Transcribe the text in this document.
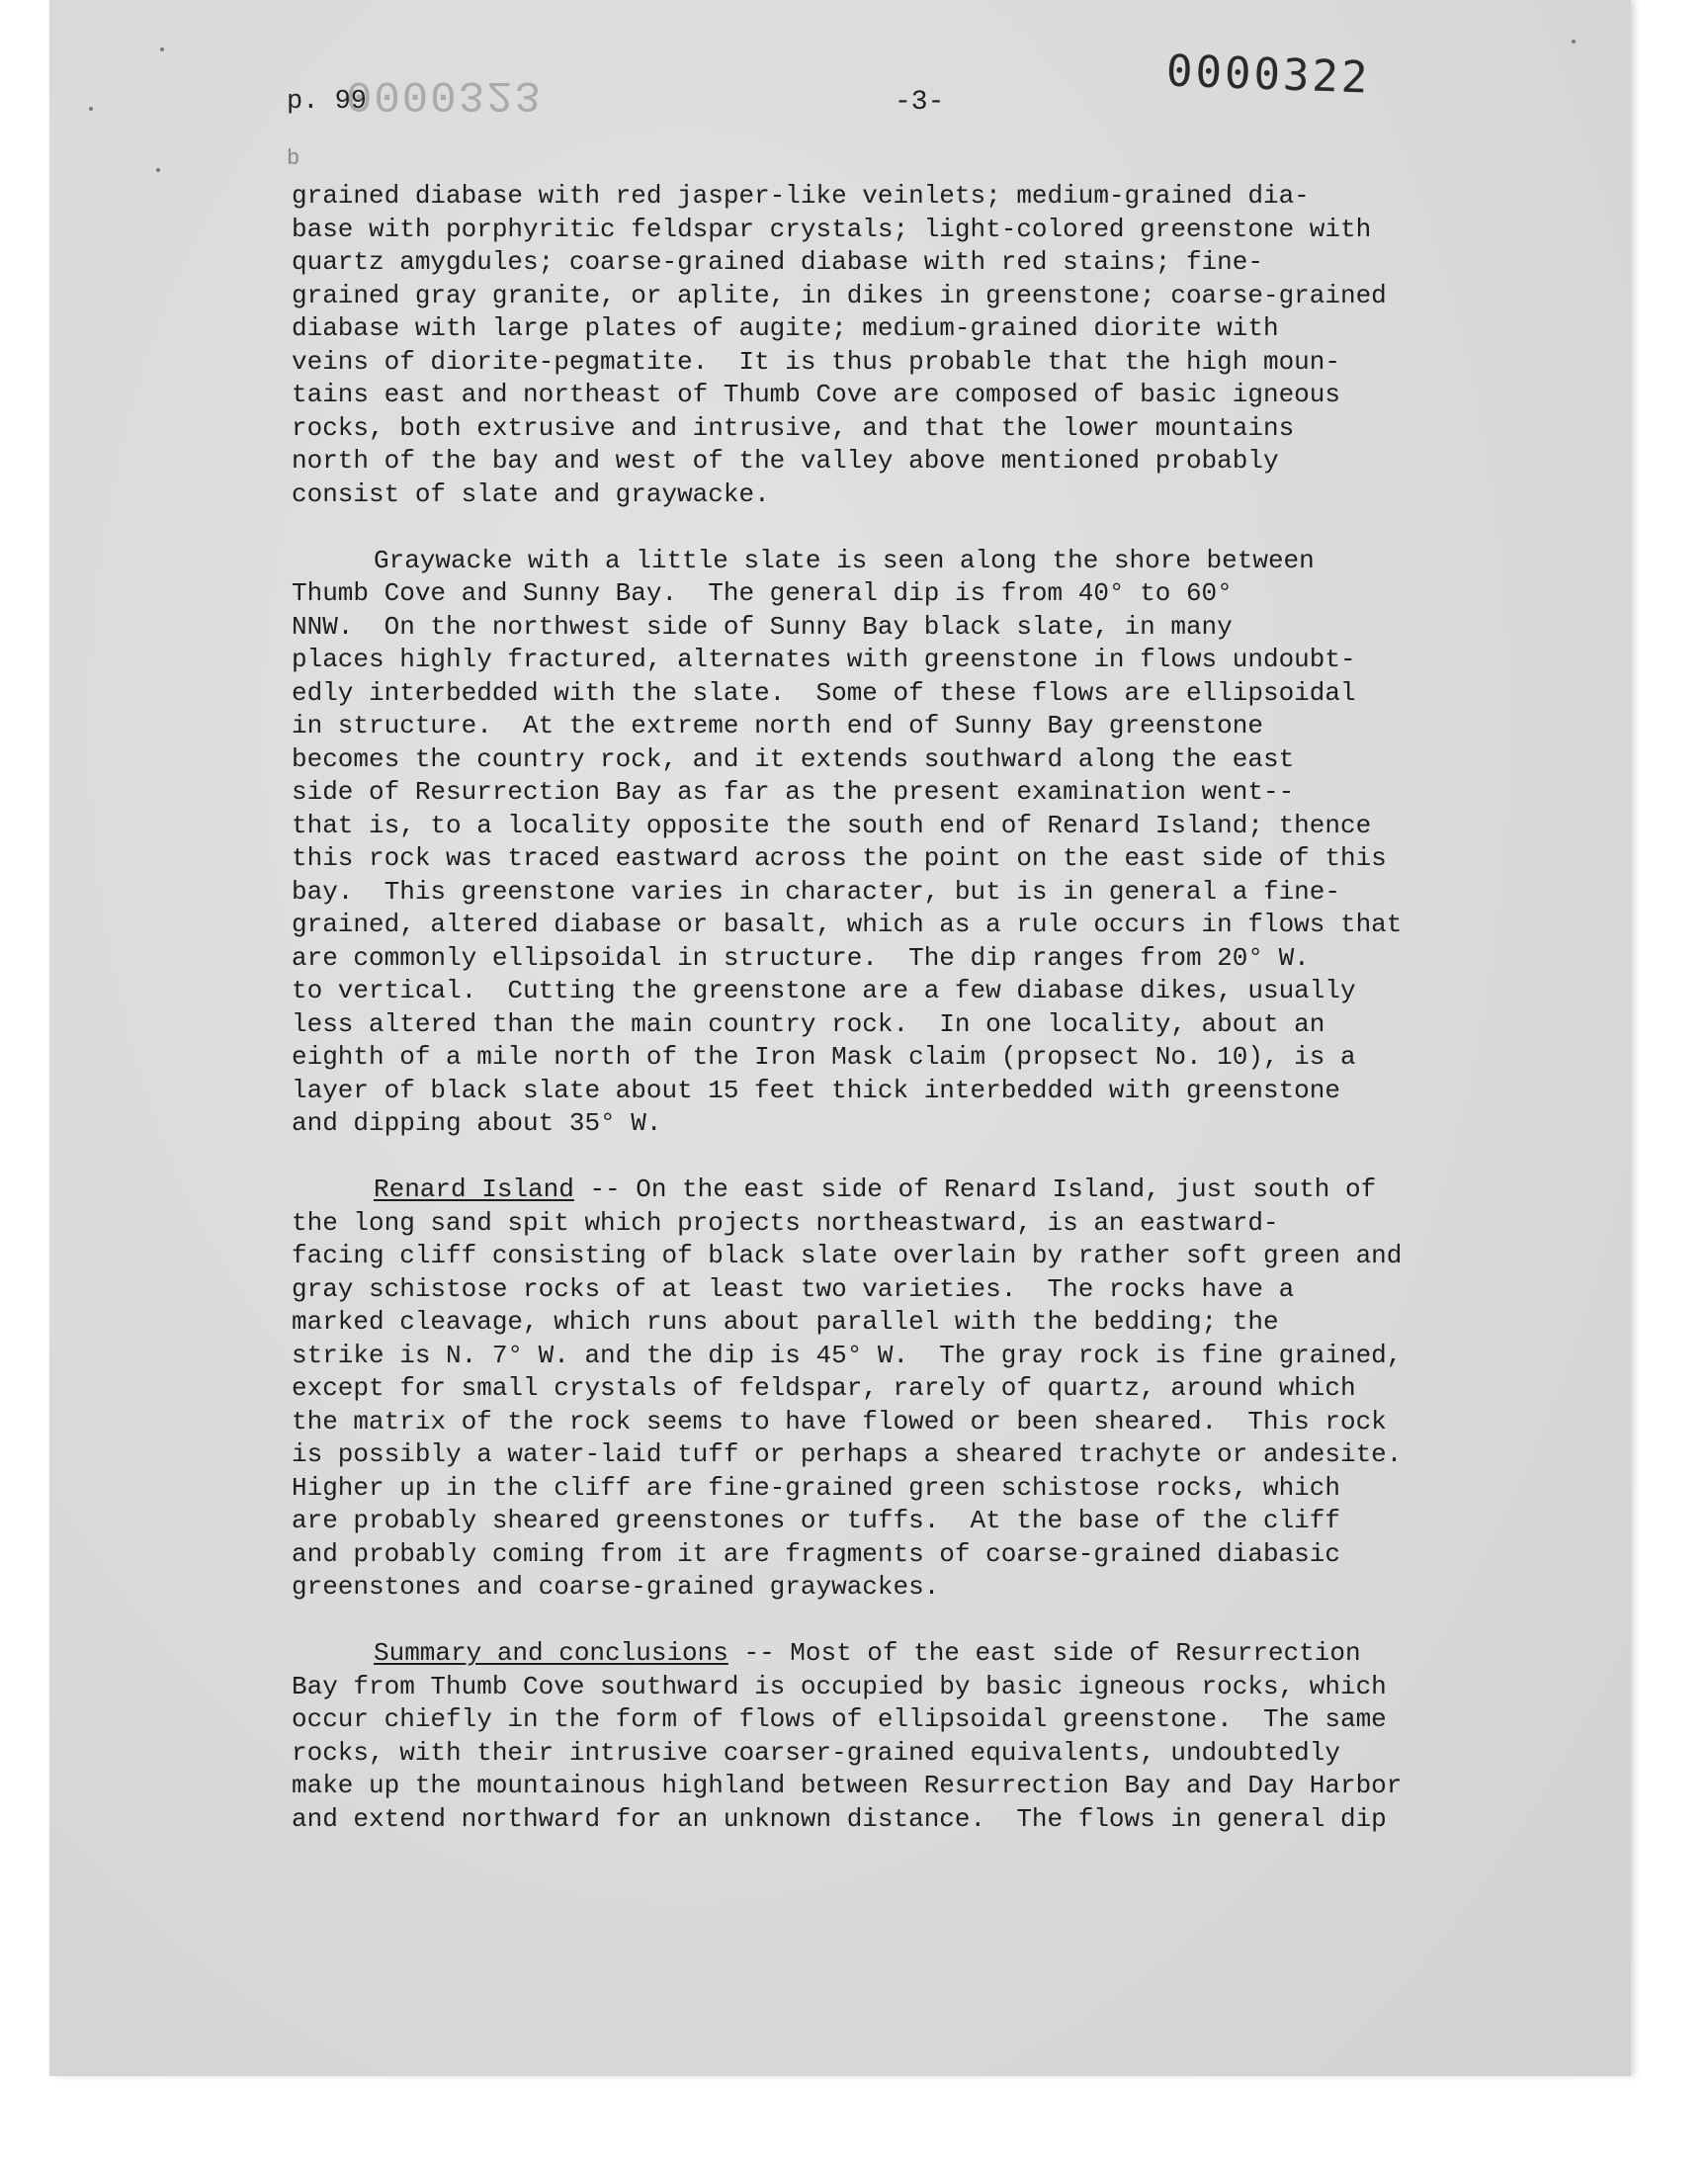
p. 99
0000323	-3-	0000322
b
grained diabase with red jasper-like veinlets; medium-grained dia-
base with porphyritic feldspar crystals; light-colored greenstone with
quartz amygdules; coarse-grained diabase with red stains; fine-
grained gray granite, or aplite, in dikes in greenstone; coarse-grained
diabase with large plates of augite; medium-grained diorite with
veins of diorite-pegmatite.  It is thus probable that the high moun-
tains east and northeast of Thumb Cove are composed of basic igneous
rocks, both extrusive and intrusive, and that the lower mountains
north of the bay and west of the valley above mentioned probably
consist of slate and graywacke.
Graywacke with a little slate is seen along the shore between
Thumb Cove and Sunny Bay.  The general dip is from 40° to 60°
NNW.  On the northwest side of Sunny Bay black slate, in many
places highly fractured, alternates with greenstone in flows undoubt-
edly interbedded with the slate.  Some of these flows are ellipsoidal
in structure.  At the extreme north end of Sunny Bay greenstone
becomes the country rock, and it extends southward along the east
side of Resurrection Bay as far as the present examination went--
that is, to a locality opposite the south end of Renard Island; thence
this rock was traced eastward across the point on the east side of this
bay.  This greenstone varies in character, but is in general a fine-
grained, altered diabase or basalt, which as a rule occurs in flows that
are commonly ellipsoidal in structure.  The dip ranges from 20° W.
to vertical.  Cutting the greenstone are a few diabase dikes, usually
less altered than the main country rock.  In one locality, about an
eighth of a mile north of the Iron Mask claim (propsect No. 10), is a
layer of black slate about 15 feet thick interbedded with greenstone
and dipping about 35° W.
Renard Island -- On the east side of Renard Island, just south of
the long sand spit which projects northeastward, is an eastward-
facing cliff consisting of black slate overlain by rather soft green and
gray schistose rocks of at least two varieties.  The rocks have a
marked cleavage, which runs about parallel with the bedding; the
strike is N. 7° W. and the dip is 45° W.  The gray rock is fine grained,
except for small crystals of feldspar, rarely of quartz, around which
the matrix of the rock seems to have flowed or been sheared.  This rock
is possibly a water-laid tuff or perhaps a sheared trachyte or andesite.
Higher up in the cliff are fine-grained green schistose rocks, which
are probably sheared greenstones or tuffs.  At the base of the cliff
and probably coming from it are fragments of coarse-grained diabasic
greenstones and coarse-grained graywackes.
Summary and conclusions -- Most of the east side of Resurrection
Bay from Thumb Cove southward is occupied by basic igneous rocks, which
occur chiefly in the form of flows of ellipsoidal greenstone.  The same
rocks, with their intrusive coarser-grained equivalents, undoubtedly
make up the mountainous highland between Resurrection Bay and Day Harbor
and extend northward for an unknown distance.  The flows in general dip
